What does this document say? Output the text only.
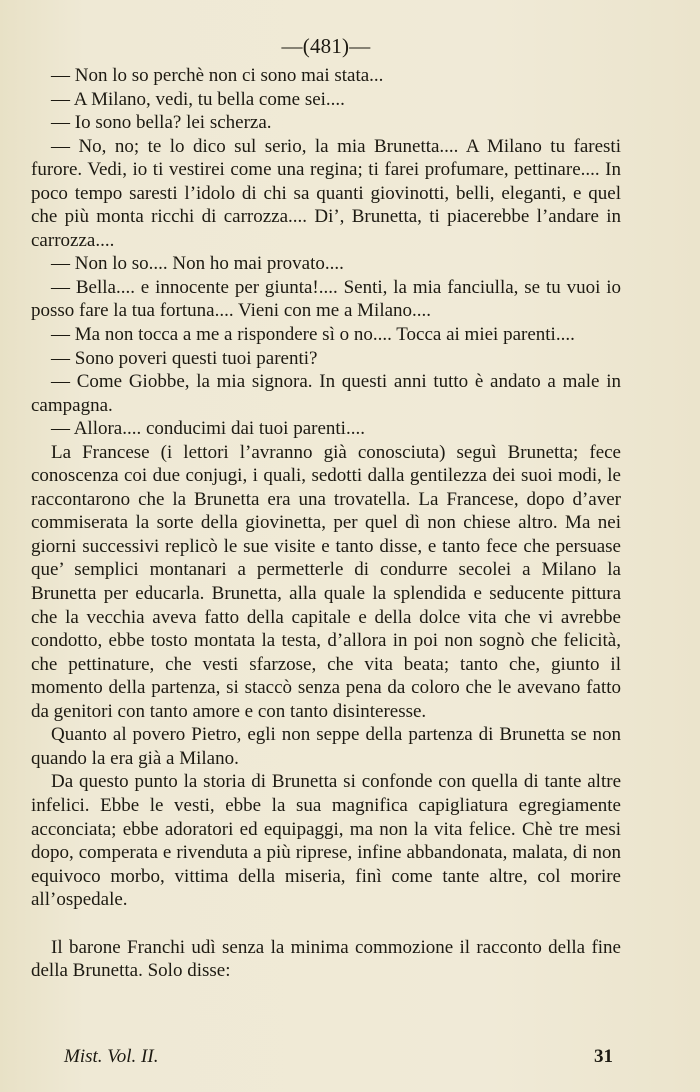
—(481)—

— Non lo so perchè non ci sono mai stata...

— A Milano, vedi, tu bella come sei....

— Io sono bella? lei scherza.

— No, no; te lo dico sul serio, la mia Brunetta.... A Milano tu faresti furore. Vedi, io ti vestirei come una regina; ti farei profumare, pettinare.... In poco tempo saresti l’idolo di chi sa quanti giovinotti, belli, eleganti, e quel che più monta ricchi di carrozza.... Di’, Brunetta, ti piacerebbe l’andare in carrozza....

— Non lo so.... Non ho mai provato....

— Bella.... e innocente per giunta!.... Senti, la mia fanciulla, se tu vuoi io posso fare la tua fortuna.... Vieni con me a Milano....

— Ma non tocca a me a rispondere sì o no.... Tocca ai miei parenti....

— Sono poveri questi tuoi parenti?

— Come Giobbe, la mia signora. In questi anni tutto è andato a male in campagna.

— Allora.... conducimi dai tuoi parenti....

La Francese (i lettori l’avranno già conosciuta) seguì Brunetta; fece conoscenza coi due conjugi, i quali, sedotti dalla gentilezza dei suoi modi, le raccontarono che la Brunetta era una trovatella. La Francese, dopo d’aver commiserata la sorte della giovinetta, per quel dì non chiese altro. Ma nei giorni successivi replicò le sue visite e tanto disse, e tanto fece che persuase que’ semplici montanari a permetterle di condurre secolei a Milano la Brunetta per educarla. Brunetta, alla quale la splendida e seducente pittura che la vecchia aveva fatto della capitale e della dolce vita che vi avrebbe condotto, ebbe tosto montata la testa, d’allora in poi non sognò che felicità, che pettinature, che vesti sfarzose, che vita beata; tanto che, giunto il momento della partenza, si staccò senza pena da coloro che le avevano fatto da genitori con tanto amore e con tanto disinteresse.

Quanto al povero Pietro, egli non seppe della partenza di Brunetta se non quando la era già a Milano.

Da questo punto la storia di Brunetta si confonde con quella di tante altre infelici. Ebbe le vesti, ebbe la sua magnifica capigliatura egregiamente acconciata; ebbe adoratori ed equipaggi, ma non la vita felice. Chè tre mesi dopo, comperata e rivenduta a più riprese, infine abbandonata, malata, di non equivoco morbo, vittima della miseria, finì come tante altre, col morire all’ospedale.

Il barone Franchi udì senza la minima commozione il racconto della fine della Brunetta. Solo disse:

Mist. Vol. II.	31
